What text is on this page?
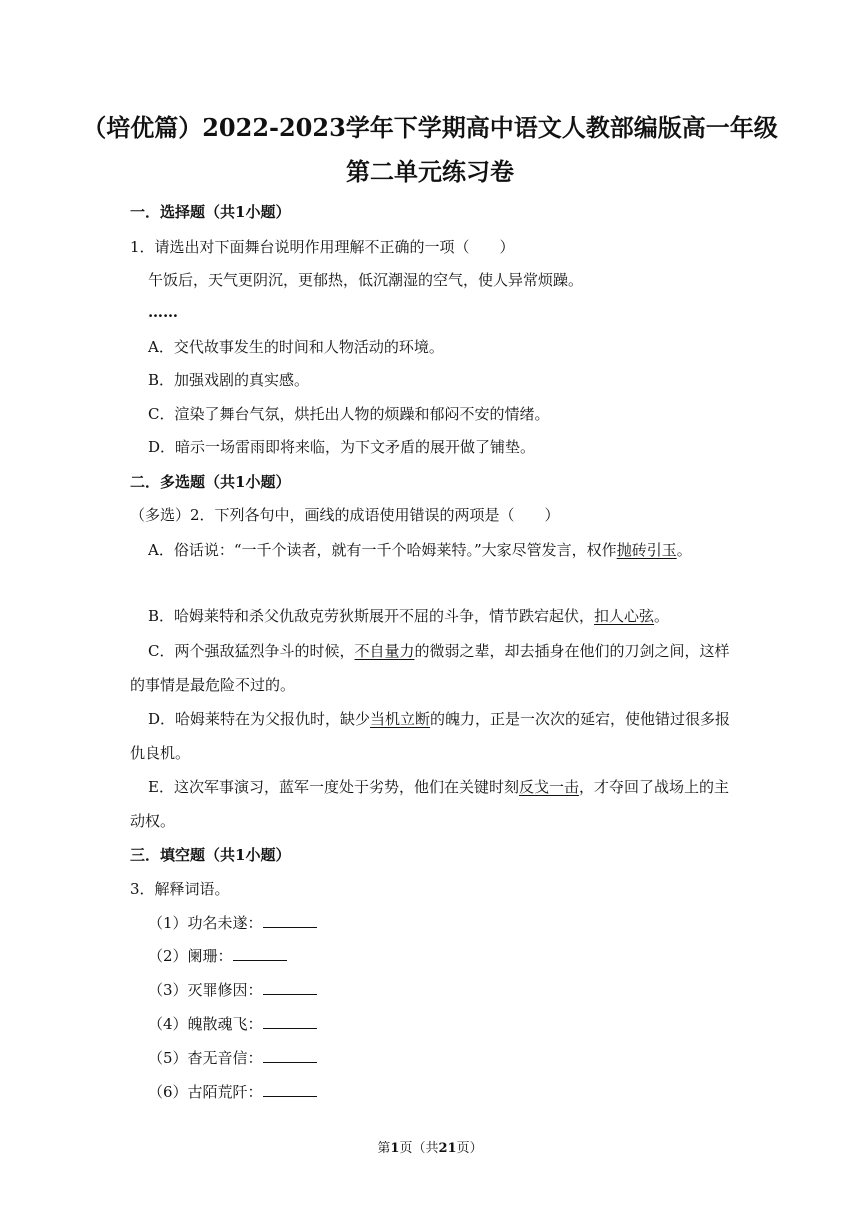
（培优篇）2022-2023学年下学期高中语文人教部编版高一年级
第二单元练习卷
一．选择题（共1小题）
1．请选出对下面舞台说明作用理解不正确的一项（　　）
午饭后，天气更阴沉，更郁热，低沉潮湿的空气，使人异常烦躁。
……
A．交代故事发生的时间和人物活动的环境。
B．加强戏剧的真实感。
C．渲染了舞台气氛，烘托出人物的烦躁和郁闷不安的情绪。
D．暗示一场雷雨即将来临，为下文矛盾的展开做了铺垫。
二．多选题（共1小题）
（多选）2．下列各句中，画线的成语使用错误的两项是（　　）
A．俗话说：“一千个读者，就有一千个哈姆莱特。”大家尽管发言，权作抛砖引玉。
B．哈姆莱特和杀父仇敌克劳狄斯展开不屈的斗争，情节跌宕起伏，扣人心弦。
C．两个强敌猛烈争斗的时候，不自量力的微弱之辈，却去插身在他们的刀剑之间，这样
的事情是最危险不过的。
D．哈姆莱特在为父报仇时，缺少当机立断的魄力，正是一次次的延宕，使他错过很多报
仇良机。
E．这次军事演习，蓝军一度处于劣势，他们在关键时刻反戈一击，才夺回了战场上的主
动权。
三．填空题（共1小题）
3．解释词语。
（1）功名未遂：
（2）阑珊：
（3）灭罪修因：
（4）魄散魂飞：
（5）杳无音信：
（6）古陌荒阡：
第1页（共21页）
